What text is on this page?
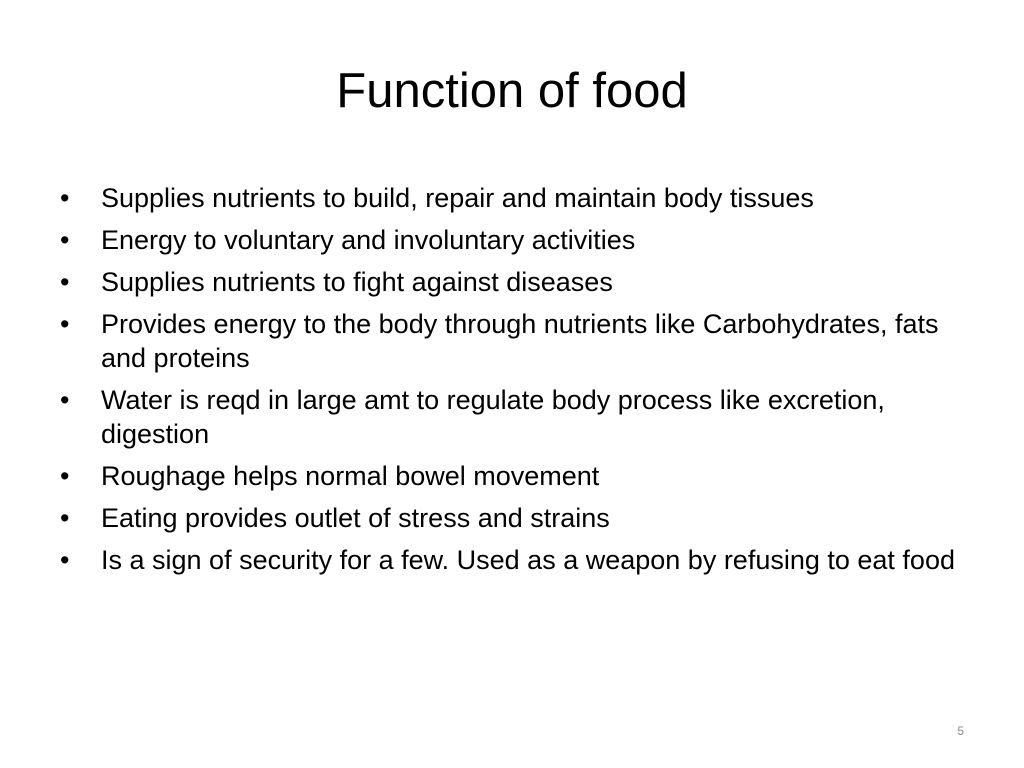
Function of food
•	Supplies nutrients to build, repair and maintain body tissues
•	Energy to voluntary and involuntary activities
•	Supplies nutrients to fight against diseases
•	Provides energy to the body through nutrients like Carbohydrates, fats and proteins
•	Water is reqd in large amt to regulate body process like excretion, digestion
•	Roughage helps normal bowel movement
•	Eating provides outlet of stress and strains
•	Is a sign of security for a few. Used as a weapon by refusing to eat food
5
